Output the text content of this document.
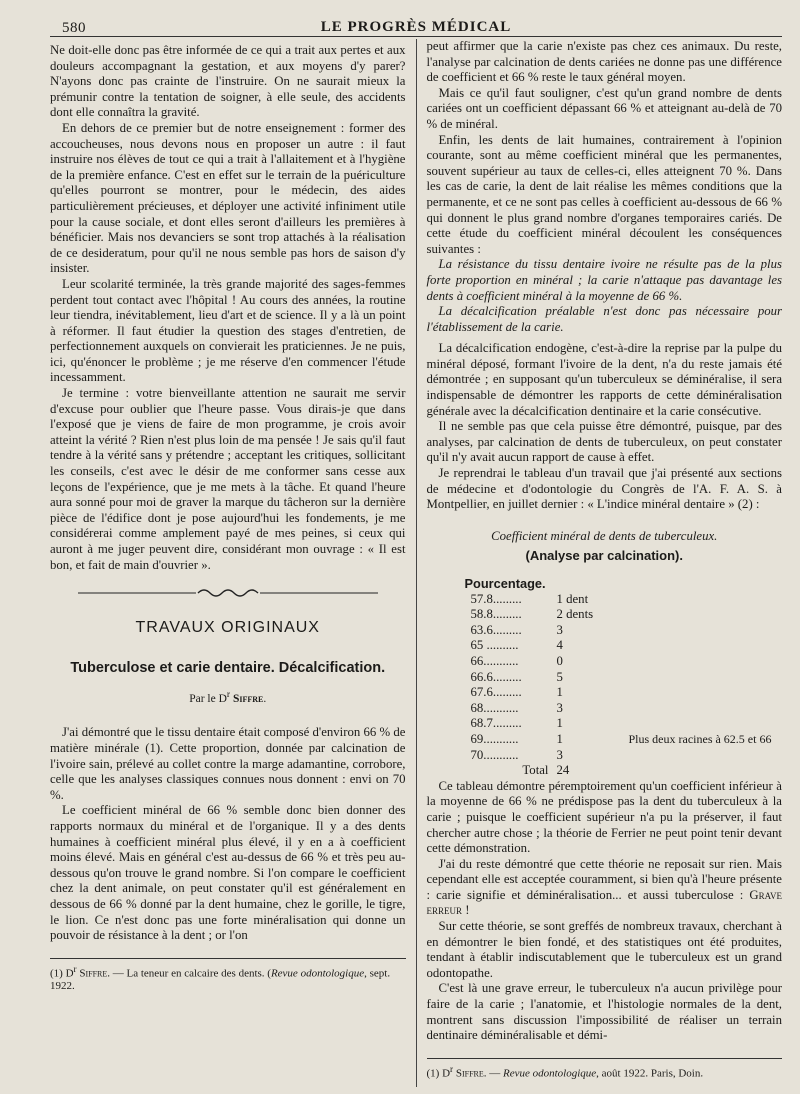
580	LE PROGRÈS MÉDICAL

Ne doit-elle donc pas être informée de ce qui a trait aux pertes et aux douleurs accompagnant la gestation, et aux moyens d'y parer? N'ayons donc pas crainte de l'instruire. On ne saurait mieux la prémunir contre la tentation de soigner, à elle seule, des accidents dont elle connaîtra la gravité.

En dehors de ce premier but de notre enseignement : former des accoucheuses, nous devons nous en proposer un autre : il faut instruire nos élèves de tout ce qui a trait à l'allaitement et à l'hygiène de la première enfance. C'est en effet sur le terrain de la puériculture qu'elles pourront se montrer, pour le médecin, des aides particulièrement précieuses, et déployer une activité infiniment utile pour la cause sociale, et dont elles seront d'ailleurs les premières à bénéficier. Mais nos devanciers se sont trop attachés à la réalisation de ce desideratum, pour qu'il ne nous semble pas hors de saison d'y insister.

Leur scolarité terminée, la très grande majorité des sages-femmes perdent tout contact avec l'hôpital ! Au cours des années, la routine leur tiendra, inévitablement, lieu d'art et de science. Il y a là un point à réformer. Il faut étudier la question des stages d'entretien, de perfectionnement auxquels on convierait les praticiennes. Je ne puis, ici, qu'énoncer le problème ; je me réserve d'en commencer l'étude incessamment.

Je termine : votre bienveillante attention ne saurait me servir d'excuse pour oublier que l'heure passe. Vous dirais-je que dans l'exposé que je viens de faire de mon programme, je crois avoir atteint la vérité ? Rien n'est plus loin de ma pensée ! Je sais qu'il faut tendre à la vérité sans y prétendre ; acceptant les critiques, sollicitant les conseils, c'est avec le désir de me conformer sans cesse aux leçons de l'expérience, que je me mets à la tâche. Et quand l'heure aura sonné pour moi de graver la marque du tâcheron sur la dernière pièce de l'édifice dont je pose aujourd'hui les fondements, je me considérerai comme amplement payé de mes peines, si ceux qui auront à me juger peuvent dire, considérant mon ouvrage : « Il est bon, et fait de main d'ouvrier ».

TRAVAUX ORIGINAUX
Tuberculose et carie dentaire. Décalcification.
Par le $D^r$ Siffre.

J'ai démontré que le tissu dentaire était composé d'environ 66 % de matière minérale (1). Cette proportion, donnée par calcination de l'ivoire sain, prélevé au collet contre la marge adamantine, corrobore, celle que les analyses classiques connues nous donnent : envi on 70 %.

Le coefficient minéral de 66 % semble donc bien donner des rapports normaux du minéral et de l'organique. Il y a des dents humaines à coefficient minéral plus élevé, il y en a à coefficient moins élevé. Mais en général c'est au-dessus de 66 % et très peu au-dessous qu'on trouve le grand nombre. Si l'on compare le coefficient chez la dent animale, on peut constater qu'il est généralement en dessous de 66 % donné par la dent humaine, chez le gorille, le tigre, le lion. Ce n'est donc pas une forte minéralisation qui donne un pouvoir de résistance à la dent ; or l'on

(1) $D^r$ Siffre. — La teneur en calcaire des dents. (Revue odontologique, sept. 1922.

peut affirmer que la carie n'existe pas chez ces animaux. Du reste, l'analyse par calcination de dents cariées ne donne pas une différence de coefficient et 66 % reste le taux général moyen.

Mais ce qu'il faut souligner, c'est qu'un grand nombre de dents cariées ont un coefficient dépassant 66 % et atteignant au-delà de 70 % de minéral.

Enfin, les dents de lait humaines, contrairement à l'opinion courante, sont au même coefficient minéral que les permanentes, souvent supérieur au taux de celles-ci, elles atteignent 70 %. Dans les cas de carie, la dent de lait réalise les mêmes conditions que la permanente, et ce ne sont pas celles à coefficient au-dessous de 66 % qui donnent le plus grand nombre d'organes temporaires cariés. De cette étude du coefficient minéral découlent les conséquences suivantes :

La résistance du tissu dentaire ivoire ne résulte pas de la plus forte proportion en minéral ; la carie n'attaque pas davantage les dents à coefficient minéral à la moyenne de 66 %.

La décalcification préalable n'est donc pas nécessaire pour l'établissement de la carie.

La décalcification endogène, c'est-à-dire la reprise par la pulpe du minéral déposé, formant l'ivoire de la dent, n'a du reste jamais été démontrée ; en supposant qu'un tuberculeux se déminéralise, il sera indispensable de démontrer les rapports de cette déminéralisation générale avec la décalcification dentinaire et la carie consécutive.

Il ne semble pas que cela puisse être démontré, puisque, par des analyses, par calcination de dents de tuberculeux, on peut constater qu'il n'y avait aucun rapport de cause à effet.

Je reprendrai le tableau d'un travail que j'ai présenté aux sections de médecine et d'odontologie du Congrès de l'A. F. A. S. à Montpellier, en juillet dernier : « L'indice minéral dentaire » (2) :

Coefficient minéral de dents de tuberculeux.
(Analyse par calcination).
Pourcentage.
57.8.........	1 dent	
58.8.........	2 dents	
63.6.........	3	
65 ..........	4	
66...........	0	
66.6.........	5	
67.6.........	1	
68...........	3	
68.7.........	1	
69...........	1	Plus deux racines à 62.5 et 66
70...........	3	
Total	24	

Ce tableau démontre péremptoirement qu'un coefficient inférieur à la moyenne de 66 % ne prédispose pas la dent du tuberculeux à la carie ; puisque le coefficient supérieur n'a pu la préserver, il faut chercher autre chose ; la théorie de Ferrier ne peut point tenir devant cette démonstration.

J'ai du reste démontré que cette théorie ne reposait sur rien. Mais cependant elle est acceptée couramment, si bien qu'à l'heure présente : carie signifie et déminéralisation... et aussi tuberculose : Grave erreur !

Sur cette théorie, se sont greffés de nombreux travaux, cherchant à en démontrer le bien fondé, et des statistiques ont été produites, tendant à établir indiscutablement que le tuberculeux est un grand odontopathe.

C'est là une grave erreur, le tuberculeux n'a aucun privilège pour faire de la carie ; l'anatomie, et l'histologie normales de la dent, montrent sans discussion l'impossibilité de réaliser un terrain dentinaire déminéralisable et démi-

(1) $D^r$ Siffre. — Revue odontologique, août 1922. Paris, Doin.
